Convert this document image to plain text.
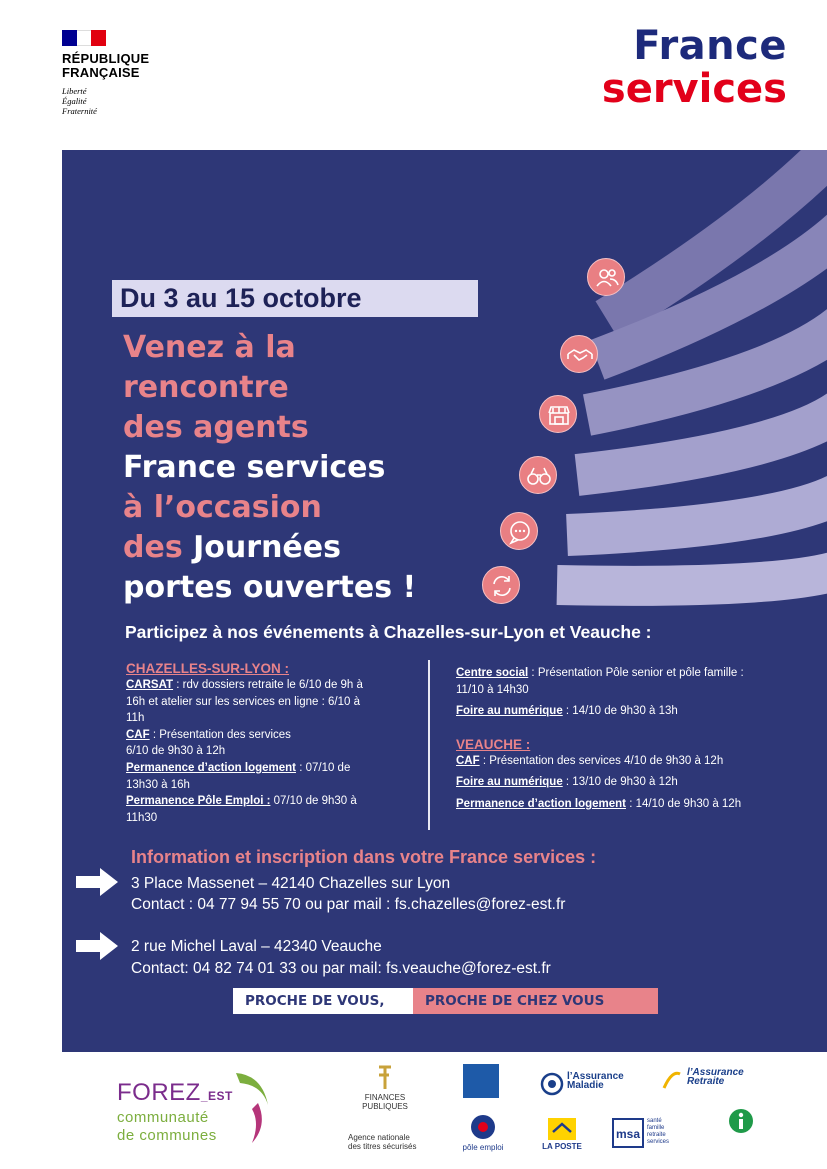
RÉPUBLIQUE
FRANÇAISE
Liberté
Égalité
Fraternité
France
services
Du 3 au 15 octobre
Venez à la
rencontre
des agents
France services
à l’occasion
des Journées
portes ouvertes !
Participez à nos événements à Chazelles-sur-Lyon et Veauche :
CHAZELLES-SUR-LYON :
CARSAT : rdv dossiers retraite le 6/10 de 9h à
16h et atelier sur les services en ligne : 6/10 à
11h
CAF : Présentation des services
6/10 de 9h30 à 12h
Permanence d’action logement : 07/10 de
13h30 à 16h
Permanence Pôle Emploi : 07/10 de 9h30 à
11h30
Centre social : Présentation Pôle senior et pôle famille :
11/10 à 14h30
Foire au numérique : 14/10 de 9h30 à 13h
VEAUCHE :
CAF : Présentation des services 4/10 de 9h30 à 12h
Foire au numérique : 13/10 de 9h30 à 12h
Permanence d’action logement : 14/10 de 9h30 à 12h
Information et inscription dans votre France services :
3 Place Massenet – 42140 Chazelles sur Lyon
Contact : 04 77 94 55 70 ou par mail : fs.chazelles@forez-est.fr
2 rue Michel Laval – 42340 Veauche
Contact: 04 82 74 01 33 ou par mail: fs.veauche@forez-est.fr
PROCHE DE VOUS,	PROCHE DE CHEZ VOUS
FOREZ_EST
communauté
de communes
FINANCES PUBLIQUES
l’Assurance
Maladie
l’Assurance
Retraite
Agence nationale
des titres sécurisés	pôle emploi	LA POSTE
msa
santé
famille
retraite
services
